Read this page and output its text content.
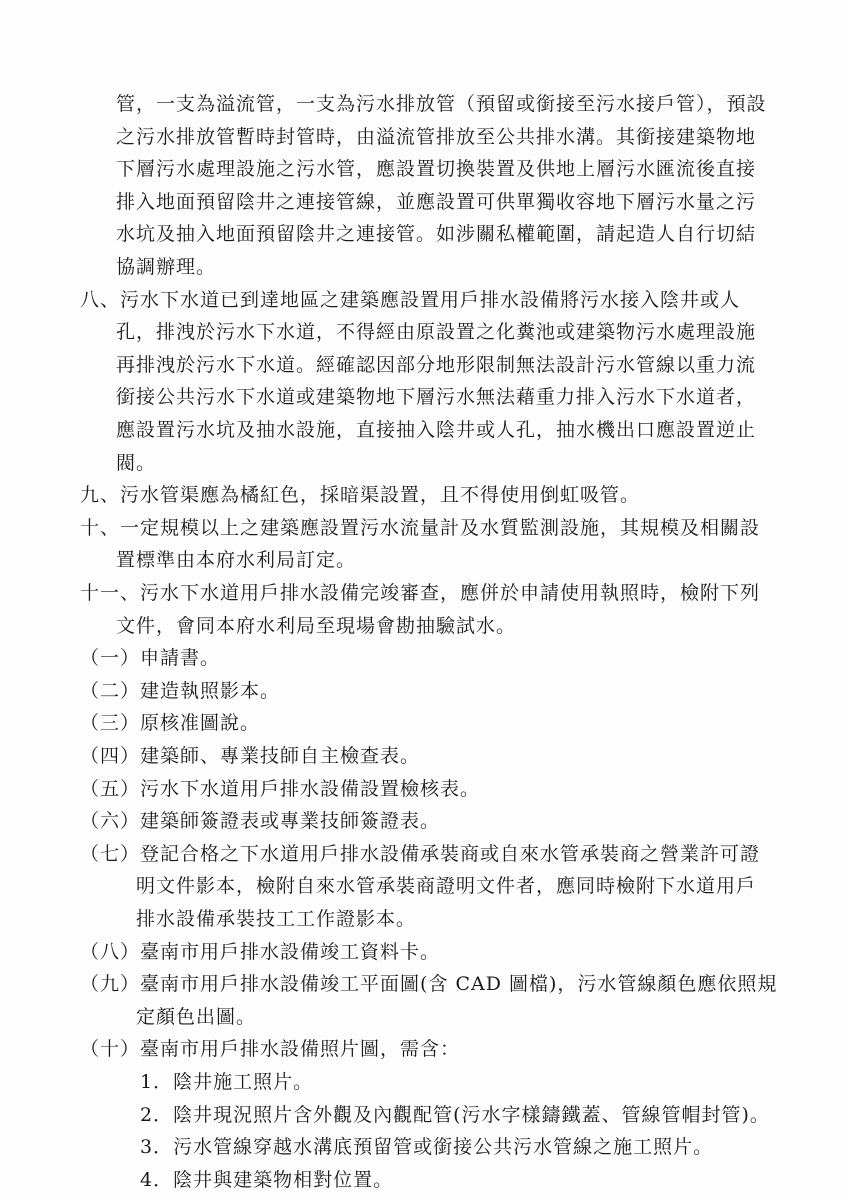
管，一支為溢流管，一支為污水排放管（預留或銜接至污水接戶管），預設
之污水排放管暫時封管時，由溢流管排放至公共排水溝。其銜接建築物地
下層污水處理設施之污水管，應設置切換裝置及供地上層污水匯流後直接
排入地面預留陰井之連接管線，並應設置可供單獨收容地下層污水量之污
水坑及抽入地面預留陰井之連接管。如涉關私權範圍，請起造人自行切結
協調辦理。
八、污水下水道已到達地區之建築應設置用戶排水設備將污水接入陰井或人
孔，排洩於污水下水道，不得經由原設置之化糞池或建築物污水處理設施
再排洩於污水下水道。經確認因部分地形限制無法設計污水管線以重力流
銜接公共污水下水道或建築物地下層污水無法藉重力排入污水下水道者，
應設置污水坑及抽水設施，直接抽入陰井或人孔，抽水機出口應設置逆止
閥。
九、污水管渠應為橘紅色，採暗渠設置，且不得使用倒虹吸管。
十、一定規模以上之建築應設置污水流量計及水質監測設施，其規模及相關設
置標準由本府水利局訂定。
十一、污水下水道用戶排水設備完竣審查，應併於申請使用執照時，檢附下列
文件，會同本府水利局至現場會勘抽驗試水。
（一）申請書。
（二）建造執照影本。
（三）原核准圖說。
（四）建築師、專業技師自主檢查表。
（五）污水下水道用戶排水設備設置檢核表。
（六）建築師簽證表或專業技師簽證表。
（七）登記合格之下水道用戶排水設備承裝商或自來水管承裝商之營業許可證
明文件影本，檢附自來水管承裝商證明文件者，應同時檢附下水道用戶
排水設備承裝技工工作證影本。
（八）臺南市用戶排水設備竣工資料卡。
（九）臺南市用戶排水設備竣工平面圖(含 CAD 圖檔)，污水管線顏色應依照規
定顏色出圖。
（十）臺南市用戶排水設備照片圖，需含：
1．陰井施工照片。
2．陰井現況照片含外觀及內觀配管(污水字樣鑄鐵蓋、管線管帽封管)。
3．污水管線穿越水溝底預留管或銜接公共污水管線之施工照片。
4．陰井與建築物相對位置。
